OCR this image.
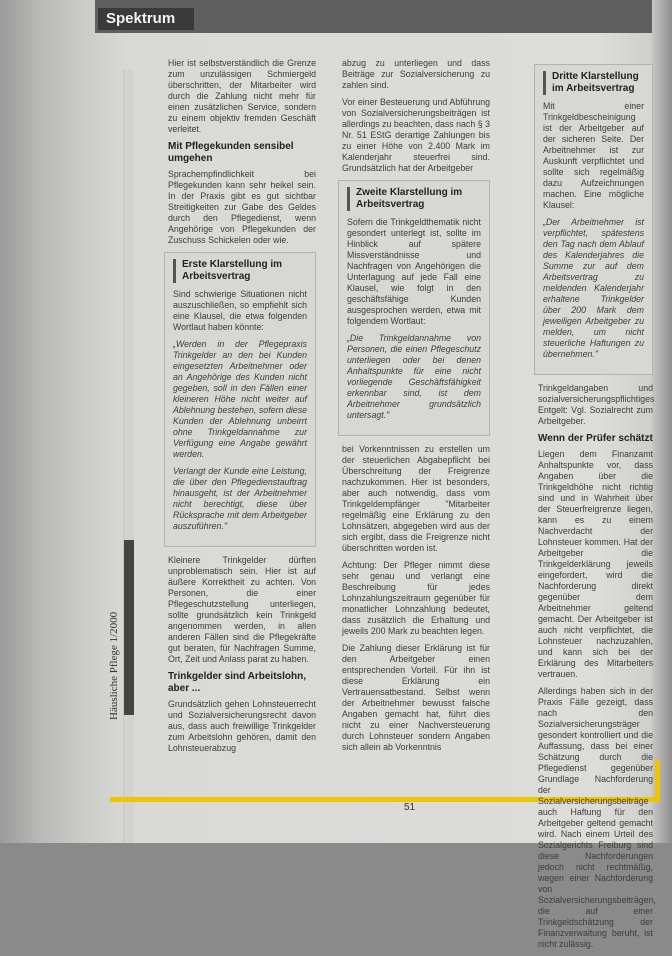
Spektrum
Häusliche Pflege 1/2000

Hier ist selbstverständlich die Grenze zum unzulässigen Schmiergeld überschritten, der Mitarbeiter wird durch die Zahlung nicht mehr für einen zusätzlichen Service, sondern zu einem objektiv fremden Geschäft verleitet.

Mit Pflegekunden sensibel umgehen

Sprachempfindlichkeit bei Pflegekunden kann sehr heikel sein. In der Praxis gibt es gut sichtbar Streitigkeiten zur Gabe des Geldes durch den Pflegedienst, wenn Angehörige von Pflegekunden der Zuschuss Schickelen oder wie.

Erste Klarstellung im Arbeitsvertrag

Sind schwierige Situationen nicht auszuschließen, so empfiehlt sich eine Klausel, die etwa folgenden Wortlaut haben könnte:

„Werden in der Pflegepraxis Trinkgelder an den bei Kunden eingesetzten Arbeitnehmer oder an Angehörige des Kunden nicht gegeben, soll in den Fällen einer kleineren Höhe nicht weiter auf Ablehnung bestehen, sofern diese Kunden der Ablehnung unbeirrt ohne Trinkgeldannahme zur Verfügung eine Angabe gewährt werden.

Verlangt der Kunde eine Leistung, die über den Pflegedienstauftrag hinausgeht, ist der Arbeitnehmer nicht berechtigt, diese über Rücksprache mit dem Arbeitgeber auszuführen."

Kleinere Trinkgelder dürften unproblematisch sein. Hier ist auf äußere Korrektheit zu achten. Von Personen, die einer Pflegeschutzstellung unterliegen, sollte grundsätzlich kein Trinkgeld angenommen werden, in allen anderen Fällen sind die Pflegekräfte gut beraten, für Nachfragen Summe, Ort, Zeit und Anlass parat zu haben.

Trinkgelder sind Arbeitslohn, aber ...

Grundsätzlich gehen Lohnsteuerrecht und Sozialversicherungsrecht davon aus, dass auch freiwillige Trinkgelder zum Arbeitslohn gehören, damit den Lohnsteuerabzug

abzug zu unterliegen und dass Beiträge zur Sozialversicherung zu zahlen sind.

Vor einer Besteuerung und Abführung von Sozialversicherungsbeiträgen ist allerdings zu beachten, dass nach § 3 Nr. 51 EStG derartige Zahlungen bis zu einer Höhe von 2.400 Mark im Kalenderjahr steuerfrei sind. Grundsätzlich hat der Arbeitgeber

Zweite Klarstellung im Arbeitsvertrag

Sofern die Trinkgeldthematik nicht gesondert unterlegt ist, sollte im Hinblick auf spätere Missverständnisse und Nachfragen von Angehörigen die Unterlagung auf jede Fall eine Klausel, wie folgt in den geschäftsfähige Kunden ausgesprochen werden, etwa mit folgendem Wortlaut:

„Die Trinkgeldannahme von Personen, die einen Pflegeschutz unterliegen oder bei denen Anhaltspunkte für eine nicht vorliegende Geschäftsfähigkeit erkennbar sind, ist dem Arbeitnehmer grundsätzlich untersagt."

bei Vorkenntnissen zu erstellen um der steuerlichen Abgabepflicht bei Überschreitung der Freigrenze nachzukommen. Hier ist besonders, aber auch notwendig, dass vom Trinkgeldempfänger "Mitarbeiter regelmäßig eine Erklärung zu den Lohnsätzen, abgegeben wird aus der sich ergibt, dass die Freigrenze nicht überschritten worden ist.

Achtung: Der Pfleger nimmt diese sehr genau und verlangt eine Beschreibung für jedes Lohnzahlungszeitraum gegenüber für monatlicher Lohnzahlung bedeutet, dass zusätzlich die Erhaltung und jeweils 200 Mark zu beachten legen.

Die Zahlung dieser Erklärung ist für den Arbeitgeber einen entsprechenden Vorteil. Für ihn ist diese Erklärung ein Vertrauensatbestand. Selbst wenn der Arbeitnehmer bewusst falsche Angaben gemacht hat, führt dies nicht zu einer Nachversteuerung durch Lohnsteuer sondern Angaben sich allein ab Vorkenntnis

Dritte Klarstellung im Arbeitsvertrag

Mit einer Trinkgeldbescheinigung ist der Arbeitgeber auf der sicheren Seite. Der Arbeitnehmer ist zur Auskunft verpflichtet und sollte sich regelmäßig dazu Aufzeichnungen machen. Eine mögliche Klausel:

„Der Arbeitnehmer ist verpflichtet, spätestens den Tag nach dem Ablauf des Kalenderjahres die Summe zur auf dem Arbeitsvertrag zu meldenden Kalenderjahr erhaltene Trinkgelder über 200 Mark dem jeweiligen Arbeitgeber zu melden, um nicht steuerliche Haftungen zu übernehmen."

Trinkgeldangaben und sozialversicherungspflichtiges Entgelt: Vgl. Sozialrecht zum Arbeitgeber.

Wenn der Prüfer schätzt

Liegen dem Finanzamt Anhaltspunkte vor, dass Angaben über die Trinkgeldhöhe nicht richtig sind und in Wahrheit über der Steuerfreigrenze liegen, kann es zu einem Nachverdacht der Lohnsteuer kommen. Hat der Arbeitgeber die Trinkgelderklärung jeweils eingefordert, wird die Nachforderung direkt gegenüber dem Arbeitnehmer geltend gemacht. Der Arbeitgeber ist auch nicht verpflichtet, die Lohnsteuer nachzuzahlen, und kann sich bei der Erklärung des Mitarbeiters vertrauen.

Allerdings haben sich in der Praxis Fälle gezeigt, dass nach den Sozialversicherungsträger gesondert kontrolliert und die Auffassung, dass bei einer Schätzung durch die Pflegedienst gegenüber Grundlage Nachforderung der Sozialversicherungsbeiträge auch Haftung für den Arbeitgeber geltend gemacht wird. Nach einem Urteil des Sozialgerichts Freiburg sind diese Nachforderungen jedoch nicht rechtmäßig, wegen einer Nachforderung von Sozialversicherungsbeiträgen, die auf einer Trinkgeldschätzung der Finanzverwaltung beruht, ist nicht zulässig.

51
